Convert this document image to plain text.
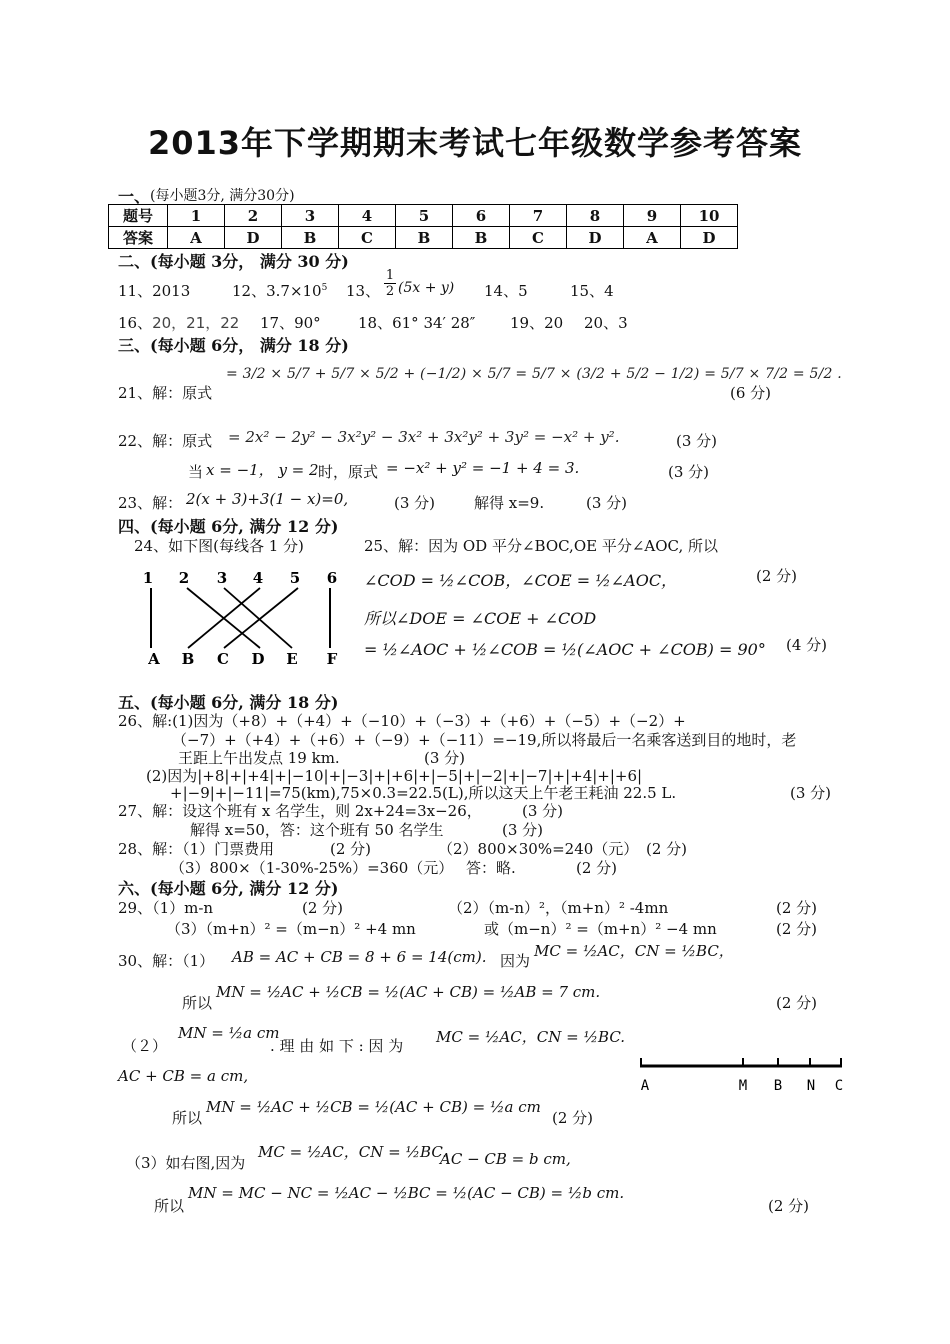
2013年下学期期末考试七年级数学参考答案
一、 (每小题3分, 满分30分)
题号	1	2	3	4	5	6	7	8	9	10
答案	A	D	B	C	B	B	C	D	A	D
二、(每小题 3分， 满分 30 分)
11、2013	12、$3.7\times 10^5$ 13、 $\frac{1}{2} (5x + y)$ 14、5	15、4
16、20，21，22 17、90° 18、61° 34′ 28″ 19、20 20、3
三、(每小题 6分， 满分 18 分)
21、解：原式
= 3/2 × 5/7 + 5/7 × 5/2 + (−1/2) × 5/7 = 5/7 × (3/2 + 5/2 − 1/2) = 5/7 × 7/2 = 5/2 .
(6 分)
22、解：原式 = 2x² − 2y² − 3x²y² − 3x² + 3x²y² + 3y² = −x² + y².	(3 分)
当 x = −1， y = 2 时，原式 = −x² + y² = −1 + 4 = 3.	(3 分)
23、解： 2(x + 3)+3(1 − x)=0,	(3 分)	解得 x=9.	(3 分)
四、(每小题 6分, 满分 12 分)
24、如下图(每线各 1 分)	25、解：因为 OD 平分∠BOC,OE 平分∠AOC, 所以
1 2 3 4 5 6
A B C D E F
∠COD = ½∠COB，∠COE = ½∠AOC，	(2 分)
所以∠DOE = ∠COE + ∠COD
= ½∠AOC + ½∠COB = ½(∠AOC + ∠COB) = 90° (4 分)
五、(每小题 6分, 满分 18 分)
26、解:(1)因为（+8）+（+4）+（−10）+（−3）+（+6）+（−5）+（−2）+
（−7）+（+4）+（+6）+（−9）+（−11）=−19,所以将最后一名乘客送到目的地时，老
王距上午出发点 19 km.	(3 分)
(2)因为|+8|+|+4|+|−10|+|−3|+|+6|+|−5|+|−2|+|−7|+|+4|+|+6|
+|−9|+|−11|=75(km),75×0.3=22.5(L),所以这天上午老王耗油 22.5 L.	(3 分)
27、解：设这个班有 x 名学生，则 2x+24=3x−26，	(3 分)
解得 x=50，答：这个班有 50 名学生	(3 分)
28、解：（1）门票费用	(2 分)	（2）800×30%=240（元） (2 分)
（3）800×（1-30%-25%）=360（元） 答：略.	(2 分)
六、(每小题 6分, 满分 12 分)
29、（1）m-n	(2 分)	（2）（m-n）²，（m+n）² -4mn	(2 分)
（3）（m+n）² =（m−n）² +4 mn	或（m−n）² =（m+n）² −4 mn	(2 分)
30、解：（1） AB = AC + CB = 8 + 6 = 14(cm). 因为
MC = ½AC，CN = ½BC，
所以
MN = ½AC + ½CB = ½(AC + CB) = ½AB = 7 cm.
(2 分)
（２）
MN = ½a cm
. 理 由 如 下 : 因 为 MC = ½AC，CN = ½BC.
AC + CB = a cm,
所以
MN = ½AC + ½CB = ½(AC + CB) = ½a cm
(2 分)
A	M B N C
（3）如右图,因为
MC = ½AC，CN = ½BC.
AC − CB = b cm,
所以
MN = MC − NC = ½AC − ½BC = ½(AC − CB) = ½b cm.
(2 分)
